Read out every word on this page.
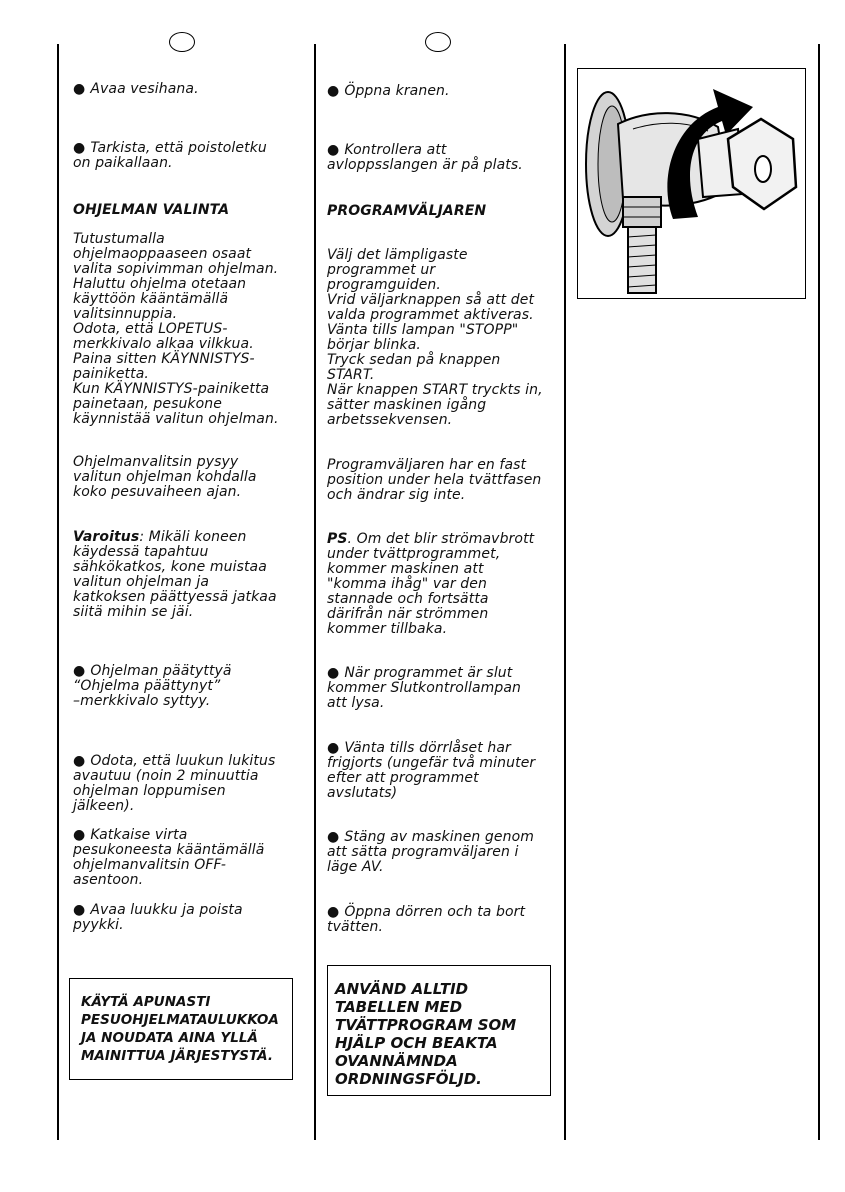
● Avaa vesihana.

● Tarkista, että poistoletku
on paikallaan.

OHJELMAN VALINTA
Tutustumalla
ohjelmaoppaaseen osaat
valita sopivimman ohjelman.
Haluttu ohjelma otetaan
käyttöön kääntämällä
valitsinnuppia.
Odota, että LOPETUS-
merkkivalo alkaa vilkkua.
Paina sitten KÄYNNISTYS-
painiketta.
Kun KÄYNNISTYS-painiketta
painetaan, pesukone
käynnistää valitun ohjelman.
Ohjelmanvalitsin pysyy
valitun ohjelman kohdalla
koko pesuvaiheen ajan.
Varoitus: Mikäli koneen
käydessä tapahtuu
sähkökatkos, kone muistaa
valitun ohjelman ja
katkoksen päättyessä jatkaa
siitä mihin se jäi.

● Ohjelman päätyttyä
“Ohjelma päättynyt”
–merkkivalo syttyy.

● Odota, että luukun lukitus
avautuu (noin 2 minuuttia
ohjelman loppumisen
jälkeen).

● Katkaise virta
pesukoneesta kääntämällä
ohjelmanvalitsin OFF-
asentoon.

● Avaa luukku ja poista
pyykki.

KÄYTÄ APUNASTI
PESUOHJELMATAULUKKOA
JA NOUDATA AINA YLLÄ
MAINITTUA JÄRJESTYSTÄ.

● Öppna kranen.

● Kontrollera att
avloppsslangen är på plats.

PROGRAMVÄLJAREN
Välj det lämpligaste
programmet ur
programguiden.
Vrid väljarknappen så att det
valda programmet aktiveras.
Vänta tills lampan "STOPP"
börjar blinka.
Tryck sedan på knappen
START.
När knappen START tryckts in,
sätter maskinen igång
arbetssekvensen.
Programväljaren har en fast
position under hela tvättfasen
och ändrar sig inte.
PS. Om det blir strömavbrott
under tvättprogrammet,
kommer maskinen att
"komma ihåg" var den
stannade och fortsätta
därifrån när strömmen
kommer tillbaka.

● När programmet är slut
kommer Slutkontrollampan
att lysa.

● Vänta tills dörrlåset har
frigjorts (ungefär två minuter
efter att programmet
avslutats)

● Stäng av maskinen genom
att sätta programväljaren i
läge AV.

● Öppna dörren och ta bort
tvätten.

ANVÄND ALLTID
TABELLEN MED
TVÄTTPROGRAM SOM
HJÄLP OCH BEAKTA
OVANNÄMNDA
ORDNINGSFÖLJD.
